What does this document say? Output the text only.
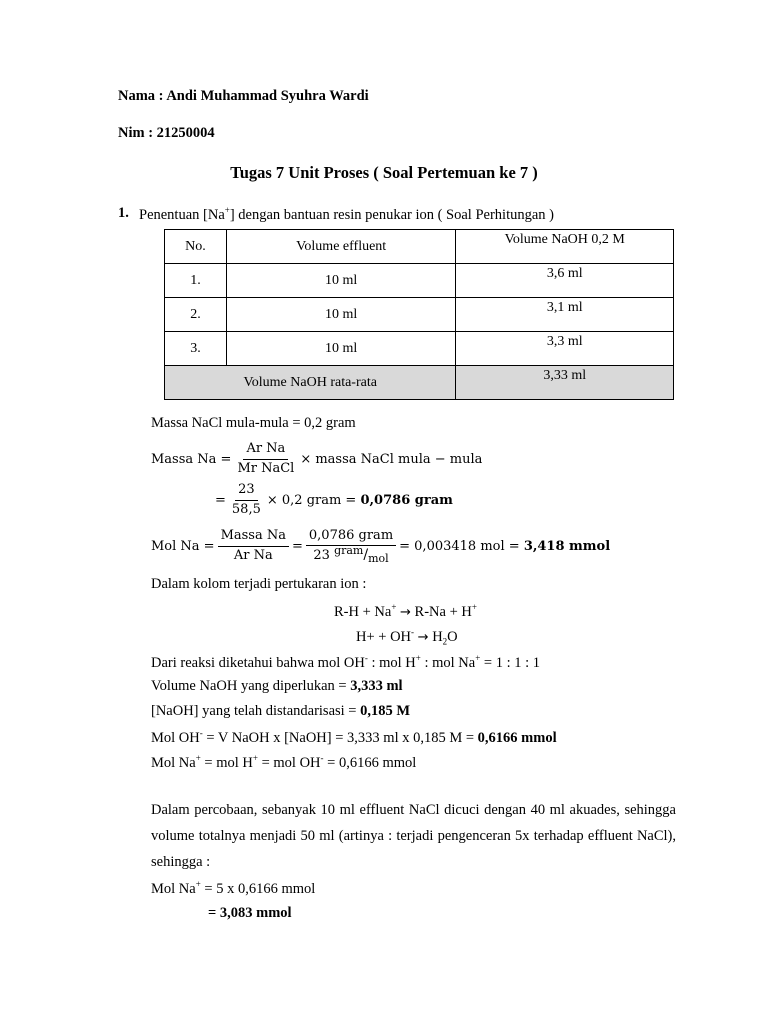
Nama : Andi Muhammad Syuhra Wardi
Nim : 21250004
Tugas 7 Unit Proses ( Soal Pertemuan ke 7 )
1. Penentuan [Na+] dengan bantuan resin penukar ion ( Soal Perhitungan )
No.	Volume effluent	Volume NaOH 0,2 M
1.	10 ml	3,6 ml
2.	10 ml	3,1 ml
3.	10 ml	3,3 ml
Volume NaOH rata-rata		3,33 ml
Massa NaCl mula-mula = 0,2 gram
Massa $Na = \frac{\text{Ar Na}}{\text{Mr NaCl}}$ × massa NaCl mula − mula
= $\frac{23}{58,5} \times 0,2$ gram =
0,0786 gram
Mol $Na = \frac{\text{Massa Na}}{\text{Ar Na}} = \frac{\text{0,0786 gram}}{23 ^{gram}/_{mol}} = 0,003418$ mol =
3,418 mmol
Dalam kolom terjadi pertukaran ion :
R-H + Na+ → R-Na + H+
$H+ + OH^- \to H_2O$
Dari reaksi diketahui bahwa mol OH- : mol H+ : mol Na+ = 1 : 1 : 1
Volume NaOH yang diperlukan = 3,333 ml
[NaOH] yang telah distandarisasi = 0,185 M
Mol OH- = V NaOH x [NaOH] = 3,333 ml x 0,185 M = 0,6166 mmol
Mol Na+ = mol H+ = mol OH- = 0,6166 mmol
Dalam percobaan, sebanyak 10 ml effluent NaCl dicuci dengan 40 ml akuades, sehingga volume totalnya menjadi 50 ml (artinya : terjadi pengenceran 5x terhadap effluent NaCl), sehingga :
Mol Na+ = 5 x 0,6166 mmol
= 3,083 mmol
